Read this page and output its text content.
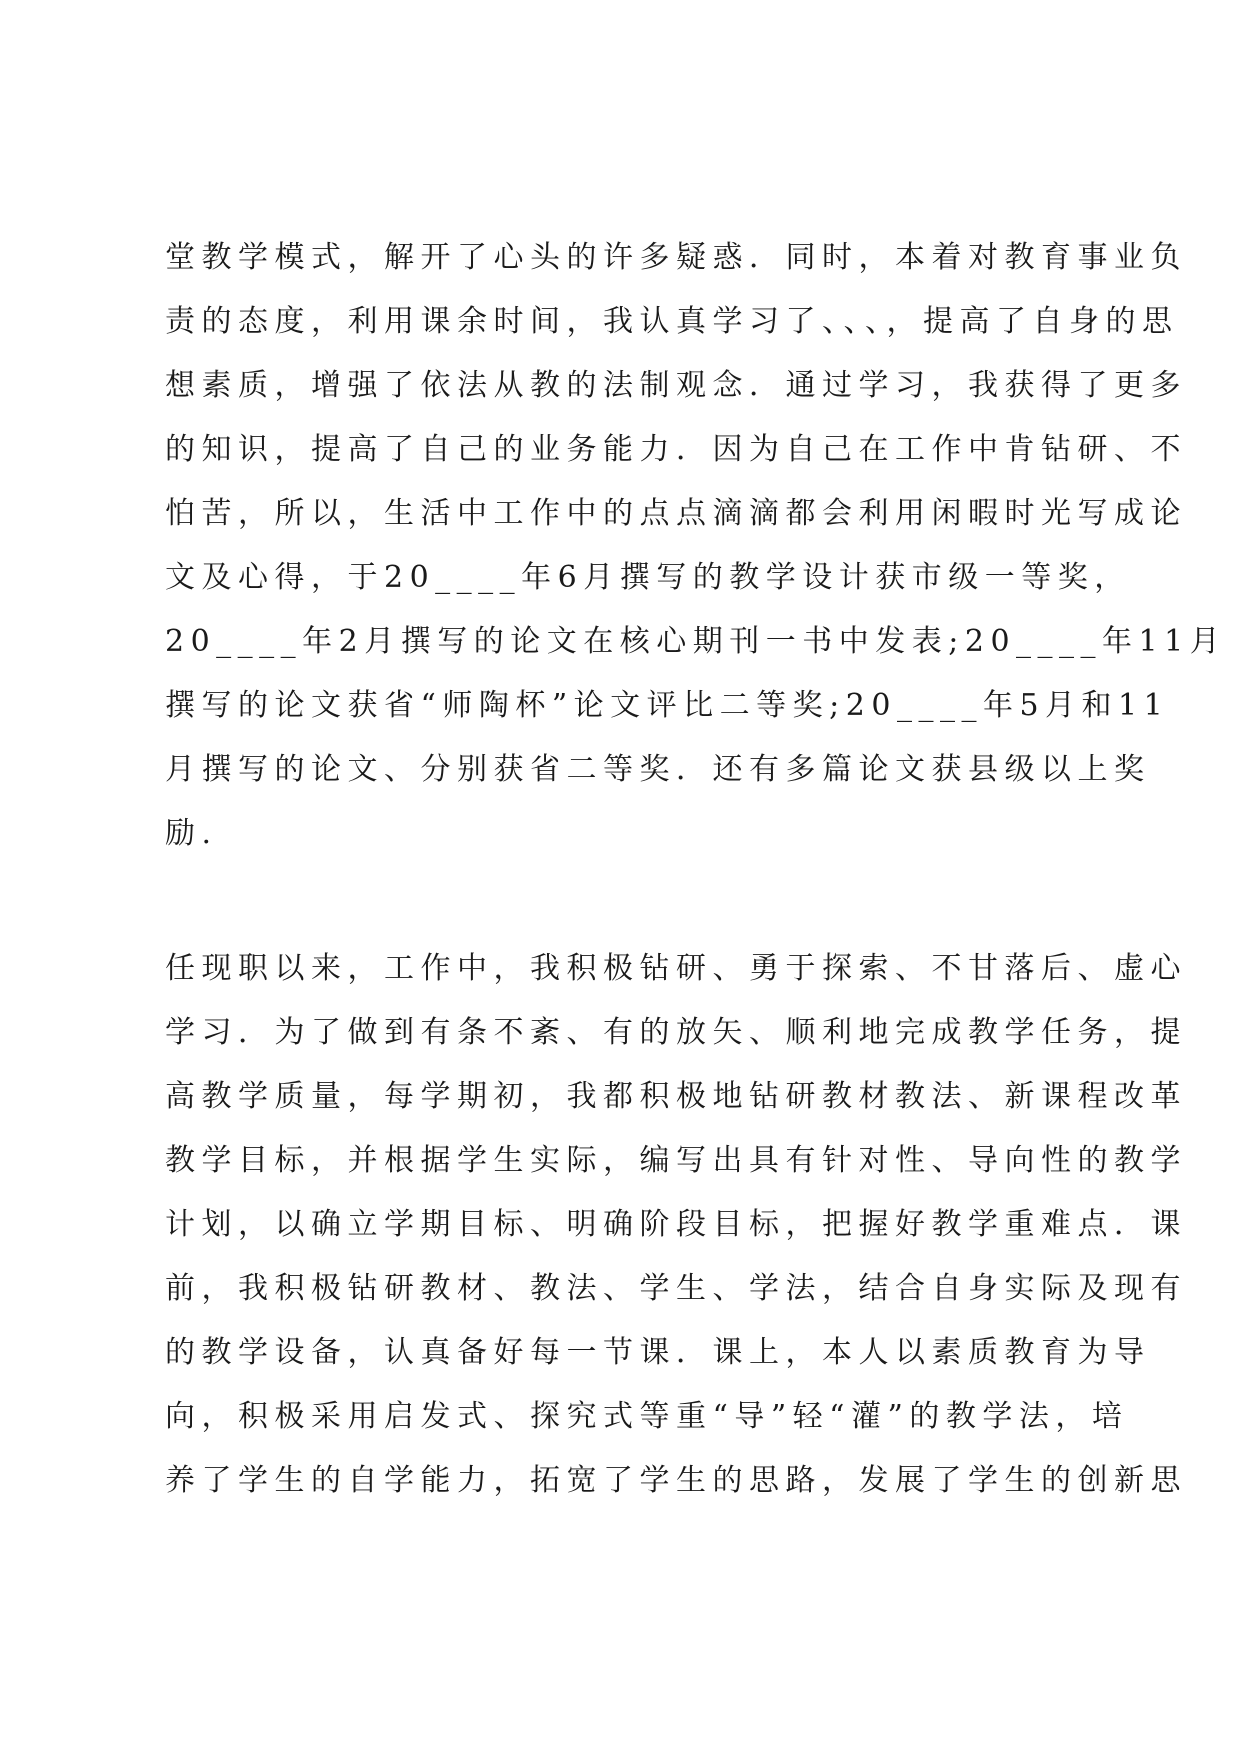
堂教学模式，解开了心头的许多疑惑．同时，本着对教育事业负
责的态度，利用课余时间，我认真学习了、、、，提高了自身的思
想素质，增强了依法从教的法制观念．通过学习，我获得了更多
的知识，提高了自己的业务能力．因为自己在工作中肯钻研、不
怕苦，所以，生活中工作中的点点滴滴都会利用闲暇时光写成论
文及心得，于20____年6月撰写的教学设计获市级一等奖，
20____年2月撰写的论文在核心期刊一书中发表;20____年11月
撰写的论文获省“师陶杯”论文评比二等奖;20____年5月和11
月撰写的论文、分别获省二等奖．还有多篇论文获县级以上奖
励.
任现职以来，工作中，我积极钻研、勇于探索、不甘落后、虚心
学习．为了做到有条不紊、有的放矢、顺利地完成教学任务，提
高教学质量，每学期初，我都积极地钻研教材教法、新课程改革
教学目标，并根据学生实际，编写出具有针对性、导向性的教学
计划，以确立学期目标、明确阶段目标，把握好教学重难点．课
前，我积极钻研教材、教法、学生、学法，结合自身实际及现有
的教学设备，认真备好每一节课．课上，本人以素质教育为导
向，积极采用启发式、探究式等重“导”轻“灌”的教学法，培
养了学生的自学能力，拓宽了学生的思路，发展了学生的创新思
